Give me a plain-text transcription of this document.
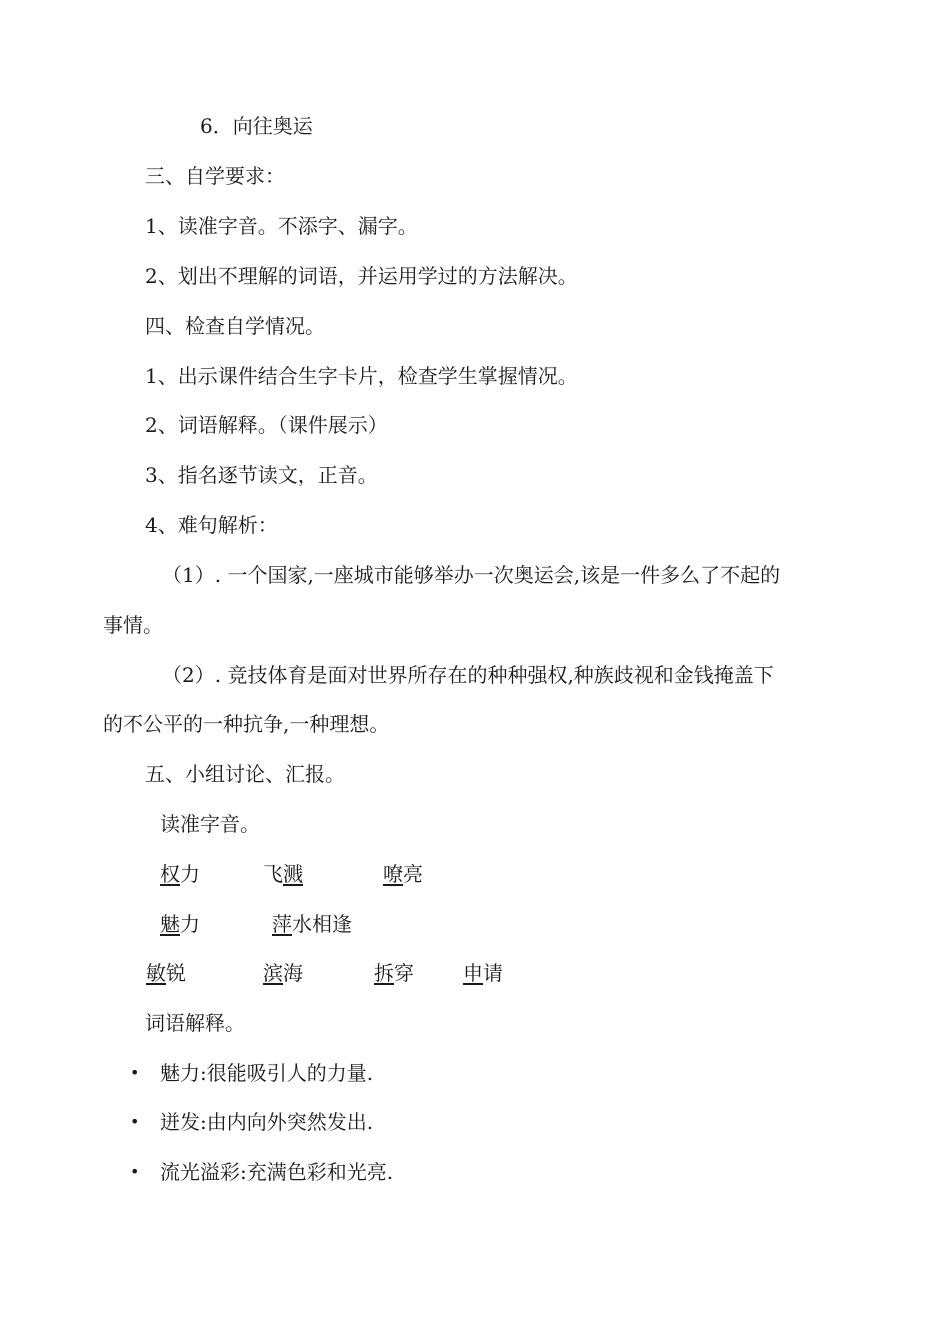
6．向往奥运
三、自学要求：
1、读准字音。不添字、漏字。
2、划出不理解的词语，并运用学过的方法解决。
四、检查自学情况。
1、出示课件结合生字卡片，检查学生掌握情况。
2、词语解释。（课件展示）
3、指名逐节读文，正音。
4、难句解析：
（1）. 一个国家,一座城市能够举办一次奥运会,该是一件多么了不起的
事情。
（2）. 竞技体育是面对世界所存在的种种强权,种族歧视和金钱掩盖下
的不公平的一种抗争,一种理想。
五、小组讨论、汇报。
读准字音。
权力	飞溅	嘹亮
魅力	萍水相逢
敏锐	滨海	拆穿 申请
词语解释。
• 魅力:很能吸引人的力量.
• 迸发:由内向外突然发出.
• 流光溢彩:充满色彩和光亮.
